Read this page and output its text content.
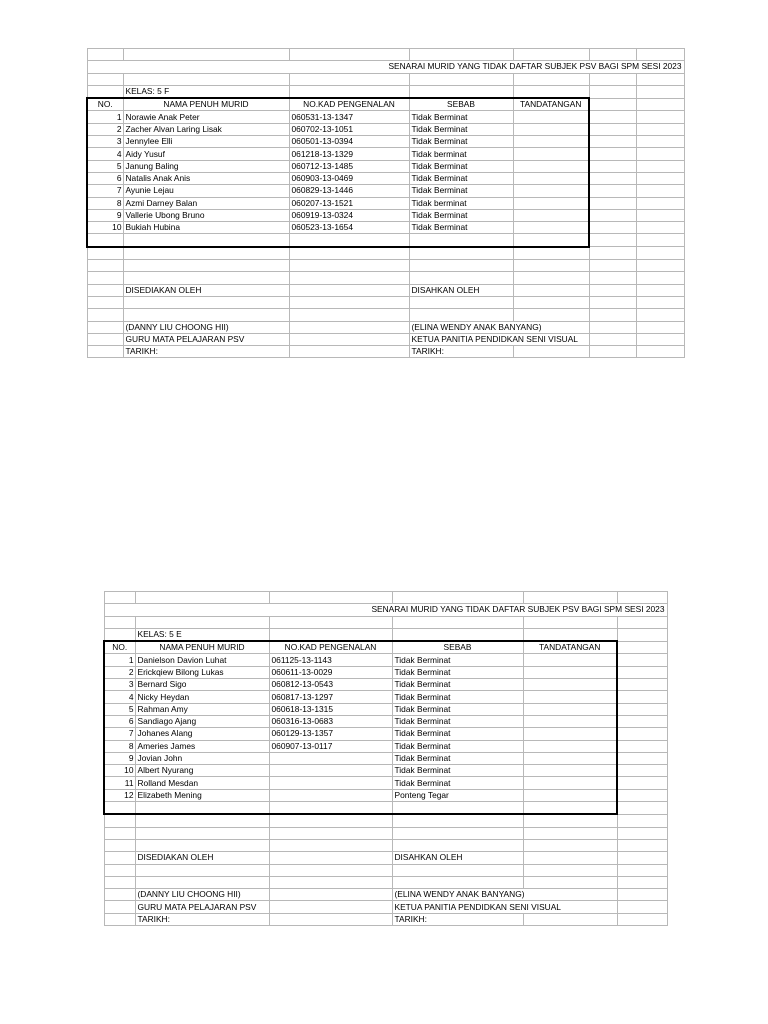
SENARAI MURID YANG TIDAK DAFTAR SUBJEK PSV BAGI SPM SESI 2023						

	KELAS: 5 F					
NO.	NAMA PENUH MURID	NO.KAD PENGENALAN	SEBAB	TANDATANGAN		
1	Norawie Anak Peter	060531-13-1347	Tidak Berminat			
2	Zacher Alvan Laring Lisak	060702-13-1051	Tidak Berminat			
3	Jennylee Elli	060501-13-0394	Tidak Berminat			
4	Aidy Yusuf	061218-13-1329	Tidak berminat			
5	Janung Baling	060712-13-1485	Tidak Berminat			
6	Natalis Anak Anis	060903-13-0469	Tidak Berminat			
7	Ayunie Lejau	060829-13-1446	Tidak Berminat			
8	Azmi Darney Balan	060207-13-1521	Tidak berminat			
9	Vallerie Ubong Bruno	060919-13-0324	Tidak Berminat			
10	Bukiah Hubina	060523-13-1654	Tidak Berminat			

	DISEDIAKAN OLEH		DISAHKAN OLEH			

	(DANNY LIU CHOONG HII)		(ELINA WENDY ANAK BANYANG)			
	GURU MATA PELAJARAN PSV		KETUA PANITIA PENDIDKAN SENI VISUAL			
	TARIKH:		TARIKH:			

SENARAI MURID YANG TIDAK DAFTAR SUBJEK PSV BAGI SPM SESI 2023					

	KELAS: 5 E				
NO.	NAMA PENUH MURID	NO.KAD PENGENALAN	SEBAB	TANDATANGAN	
1	Danielson Davion Luhat	061125-13-1143	Tidak Berminat		
2	Erickqiew Bilong Lukas	060611-13-0029	Tidak Berminat		
3	Bernard Sigo	060812-13-0543	Tidak Berminat		
4	Nicky Heydan	060817-13-1297	Tidak Berminat		
5	Rahman Amy	060618-13-1315	Tidak Berminat		
6	Sandiago Ajang	060316-13-0683	Tidak Berminat		
7	Johanes Alang	060129-13-1357	Tidak Berminat		
8	Ameries James	060907-13-0117	Tidak Berminat		
9	Jovian John		Tidak Berminat		
10	Albert Nyurang		Tidak Berminat		
11	Rolland Mesdan		Tidak Berminat		
12	Elizabeth Mening		Ponteng Tegar		

	DISEDIAKAN OLEH		DISAHKAN OLEH		

	(DANNY LIU CHOONG HII)		(ELINA WENDY ANAK BANYANG)		
	GURU MATA PELAJARAN PSV		KETUA PANITIA PENDIDKAN SENI VISUAL		
	TARIKH:		TARIKH:		
